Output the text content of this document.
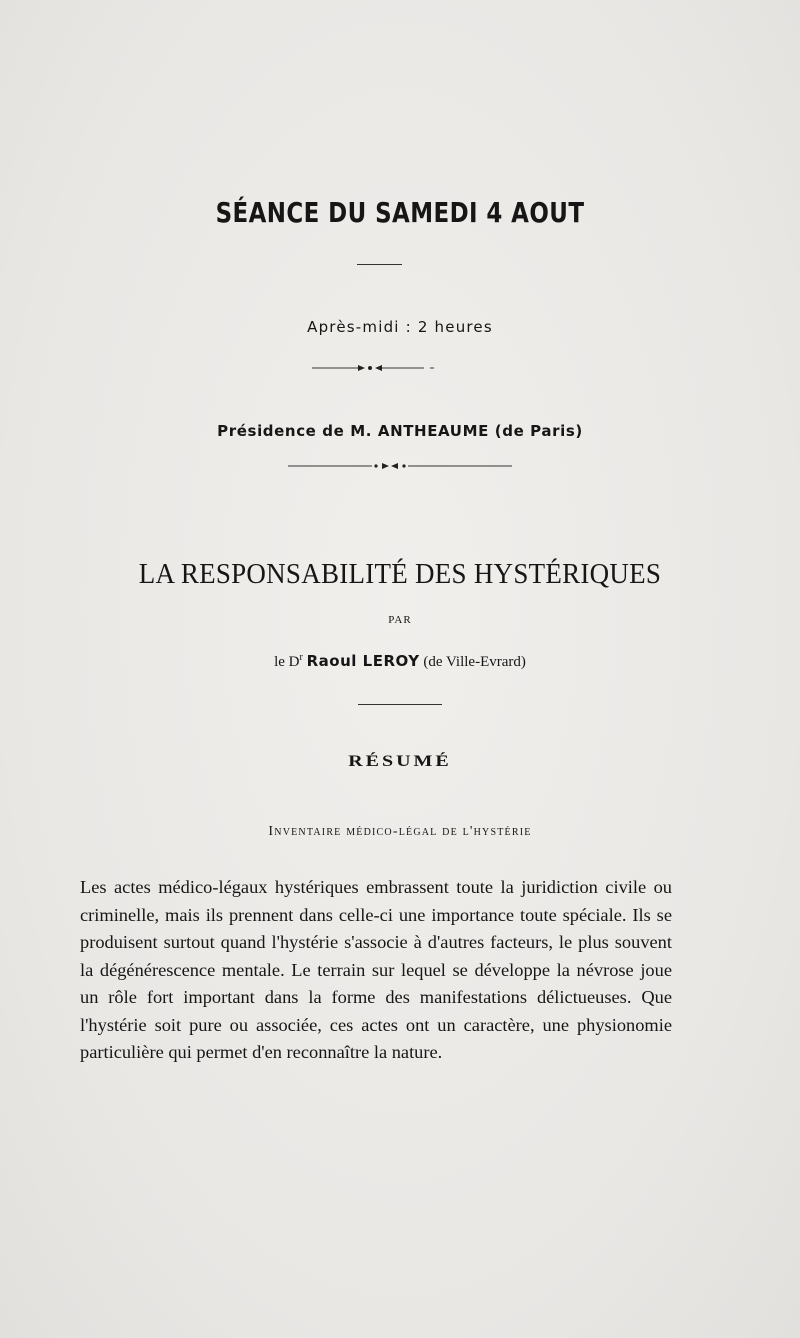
SÉANCE DU SAMEDI 4 AOUT
Après-midi : 2 heures
Présidence de M. ANTHEAUME (de Paris)
LA RESPONSABILITÉ DES HYSTÉRIQUES
PAR
le $D^r$ Raoul LEROY (de Ville-Evrard)
RÉSUMÉ
Inventaire médico-légal de l'hystérie
Les actes médico-légaux hystériques embrassent toute la juridiction civile ou criminelle, mais ils prennent dans celle-ci une importance toute spéciale. Ils se produisent surtout quand l'hystérie s'associe à d'autres facteurs, le plus souvent la dégénérescence mentale. Le terrain sur lequel se développe la névrose joue un rôle fort important dans la forme des manifestations délictueuses. Que l'hystérie soit pure ou associée, ces actes ont un caractère, une physionomie particulière qui permet d'en reconnaître la nature.
